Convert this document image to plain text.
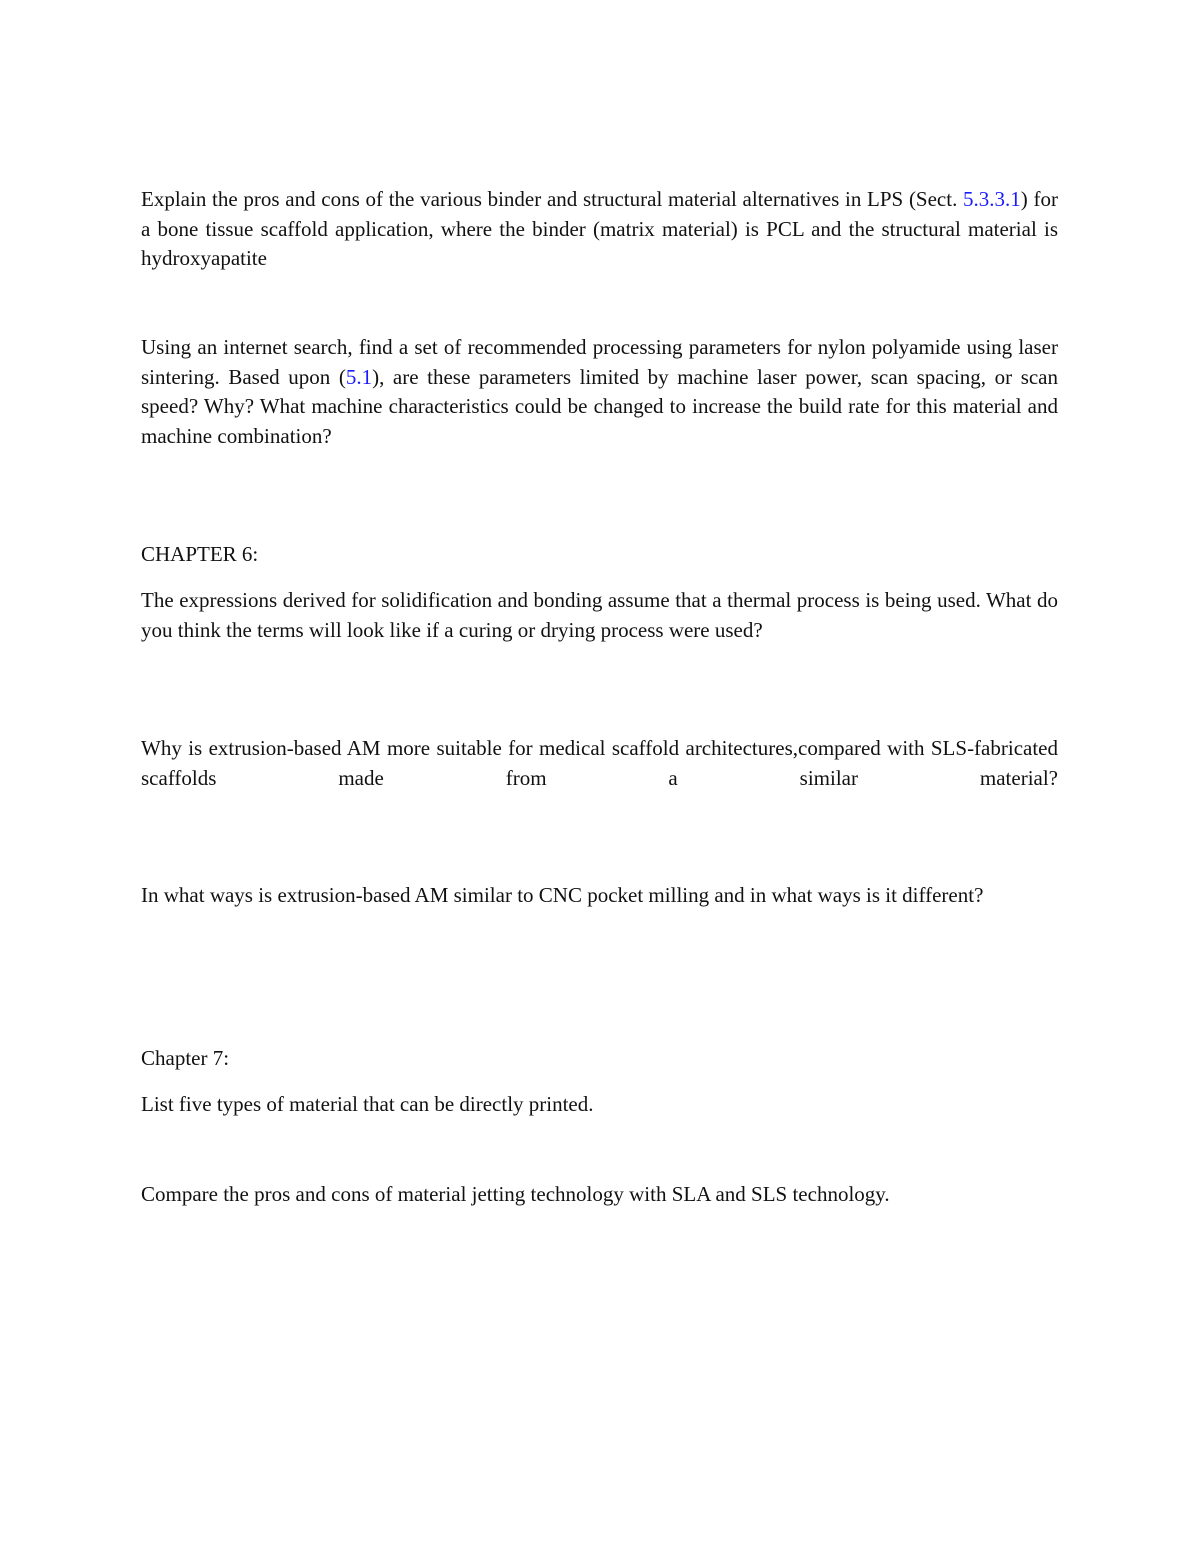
Explain the pros and cons of the various binder and structural material alternatives in LPS (Sect. 5.3.3.1) for a bone tissue scaffold application, where the binder (matrix material) is PCL and the structural material is hydroxyapatite

Using an internet search, find a set of recommended processing parameters for nylon polyamide using laser sintering. Based upon (5.1), are these parameters limited by machine laser power, scan spacing, or scan speed? Why? What machine characteristics could be changed to increase the build rate for this material and machine combination?

CHAPTER 6:

The expressions derived for solidification and bonding assume that a thermal process is being used. What do you think the terms will look like if a curing or drying process were used?

Why is extrusion-based AM more suitable for medical scaffold architectures,compared with SLS-fabricated scaffolds made from a similar material?

In what ways is extrusion-based AM similar to CNC pocket milling and in what ways is it different?

Chapter 7:

List five types of material that can be directly printed.

Compare the pros and cons of material jetting technology with SLA and SLS technology.
